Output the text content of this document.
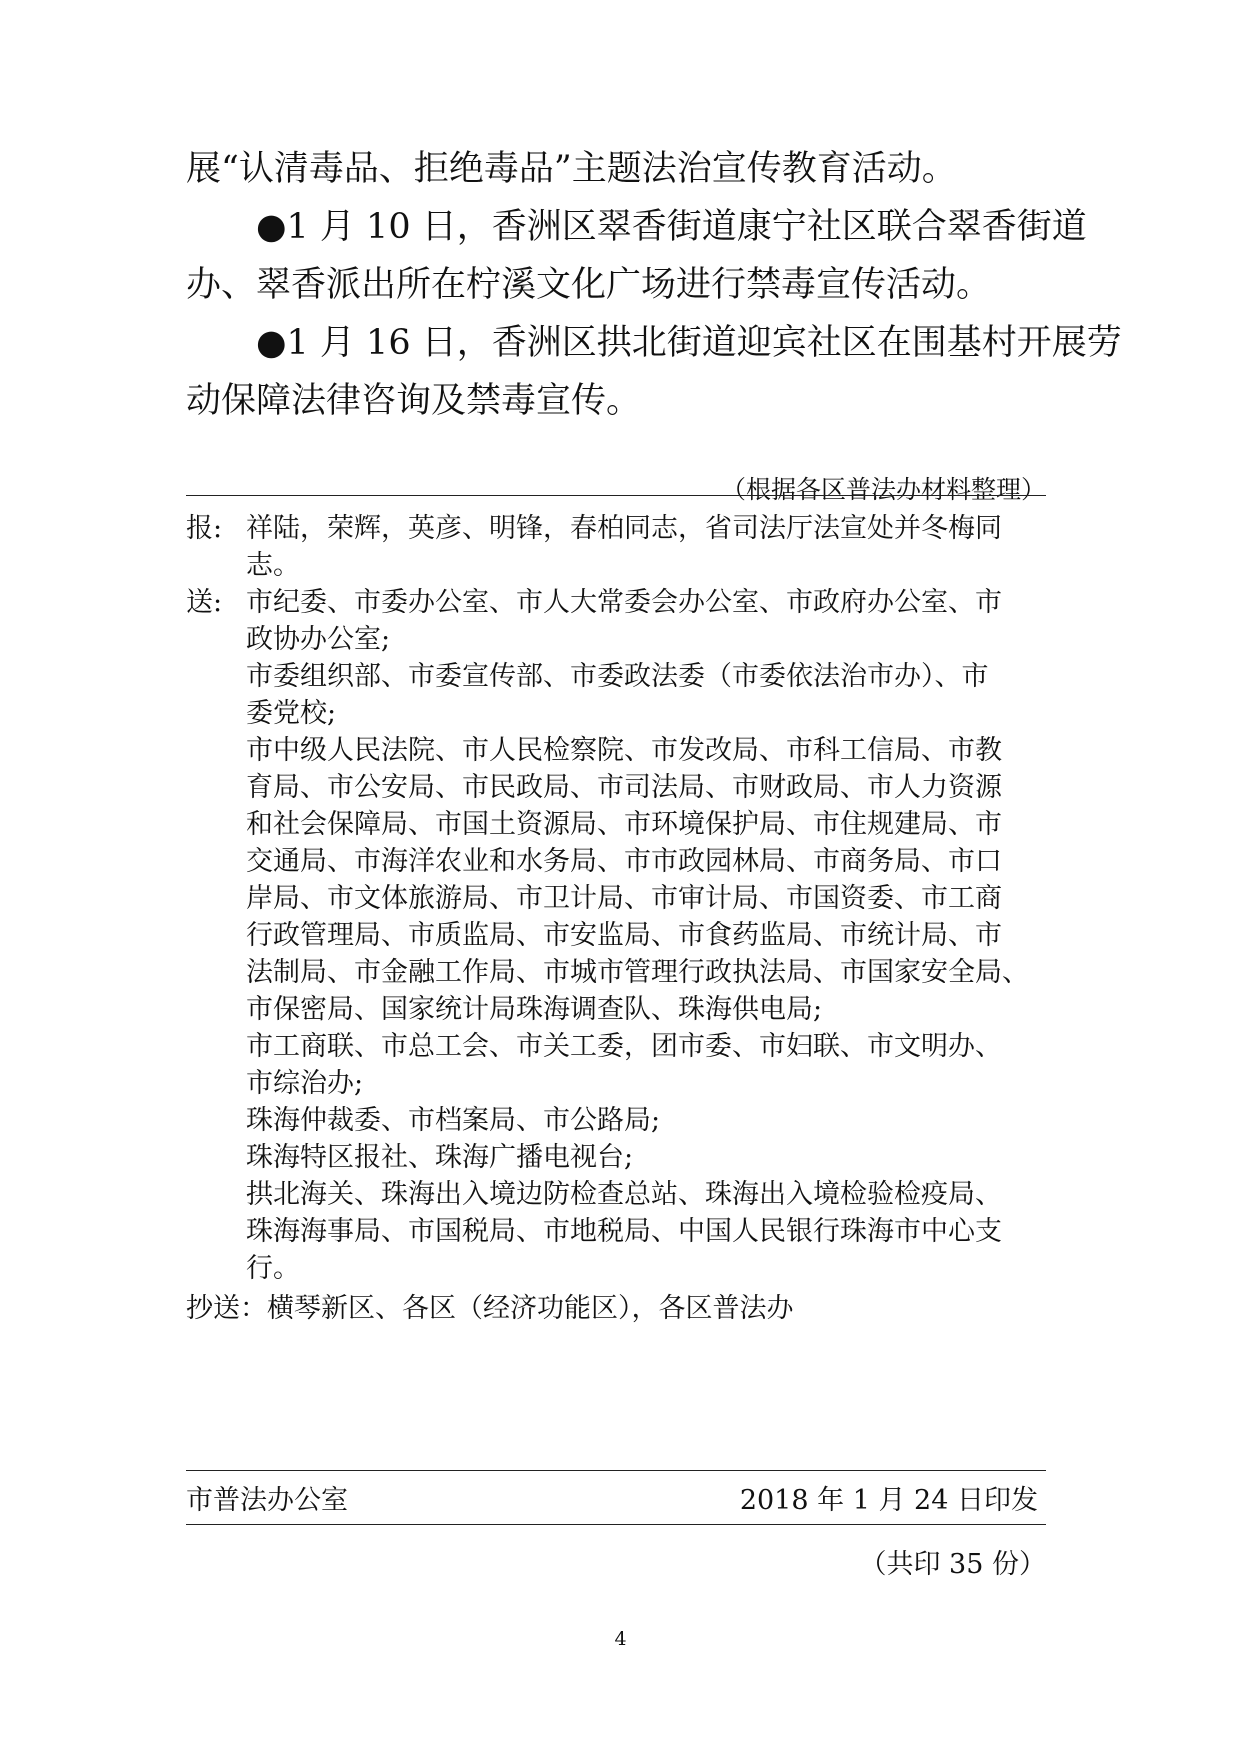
展“认清毒品、拒绝毒品”主题法治宣传教育活动。
●1 月 10 日，香洲区翠香街道康宁社区联合翠香街道
办、翠香派出所在柠溪文化广场进行禁毒宣传活动。
●1 月 16 日，香洲区拱北街道迎宾社区在围基村开展劳
动保障法律咨询及禁毒宣传。
（根据各区普法办材料整理）
报: 祥陆，荣辉，英彦、明锋，春柏同志，省司法厅法宣处并冬梅同
志。
送: 市纪委、市委办公室、市人大常委会办公室、市政府办公室、市
政协办公室;
市委组织部、市委宣传部、市委政法委（市委依法治市办）、市
委党校;
市中级人民法院、市人民检察院、市发改局、市科工信局、市教
育局、市公安局、市民政局、市司法局、市财政局、市人力资源
和社会保障局、市国土资源局、市环境保护局、市住规建局、市
交通局、市海洋农业和水务局、市市政园林局、市商务局、市口
岸局、市文体旅游局、市卫计局、市审计局、市国资委、市工商
行政管理局、市质监局、市安监局、市食药监局、市统计局、市
法制局、市金融工作局、市城市管理行政执法局、市国家安全局、
市保密局、国家统计局珠海调查队、珠海供电局;
市工商联、市总工会、市关工委，团市委、市妇联、市文明办、
市综治办;
珠海仲裁委、市档案局、市公路局;
珠海特区报社、珠海广播电视台;
拱北海关、珠海出入境边防检查总站、珠海出入境检验检疫局、
珠海海事局、市国税局、市地税局、中国人民银行珠海市中心支
行。
抄送：横琴新区、各区（经济功能区），各区普法办
市普法办公室	2018 年 1 月 24 日印发
（共印 35 份）
4
